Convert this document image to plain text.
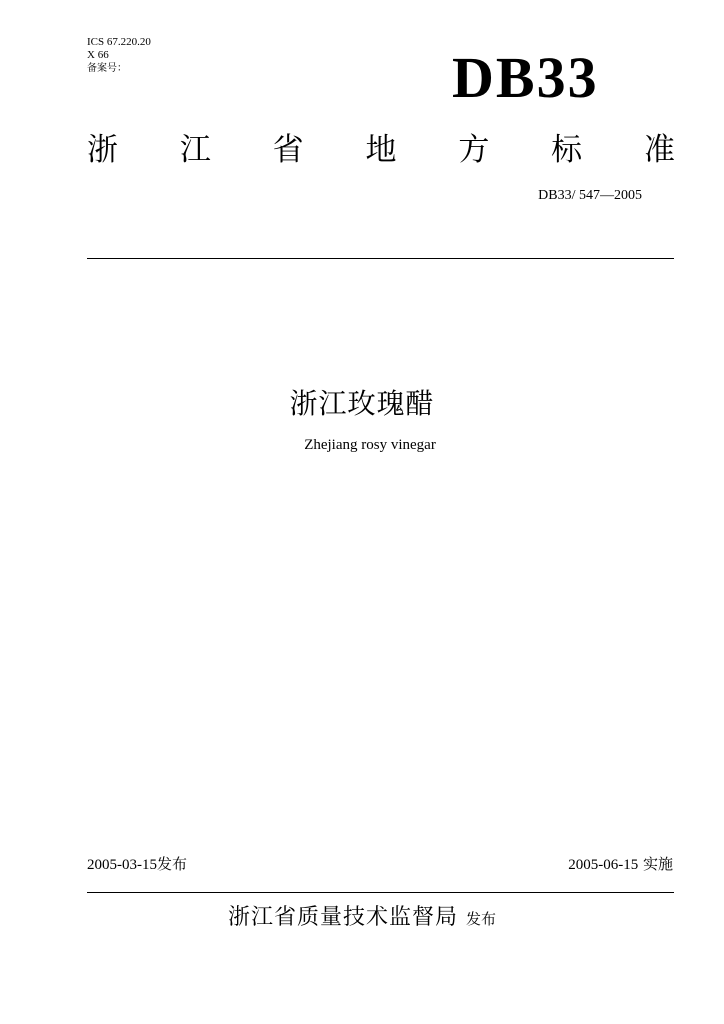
ICS 67.220.20
X 66
备案号：	DB33
浙 江 省 地 方 标 准
DB33/ 547—2005
浙江玫瑰醋
Zhejiang rosy vinegar
2005-03-15发布	2005-06-15 实施
浙江省质量技术监督局 发布
